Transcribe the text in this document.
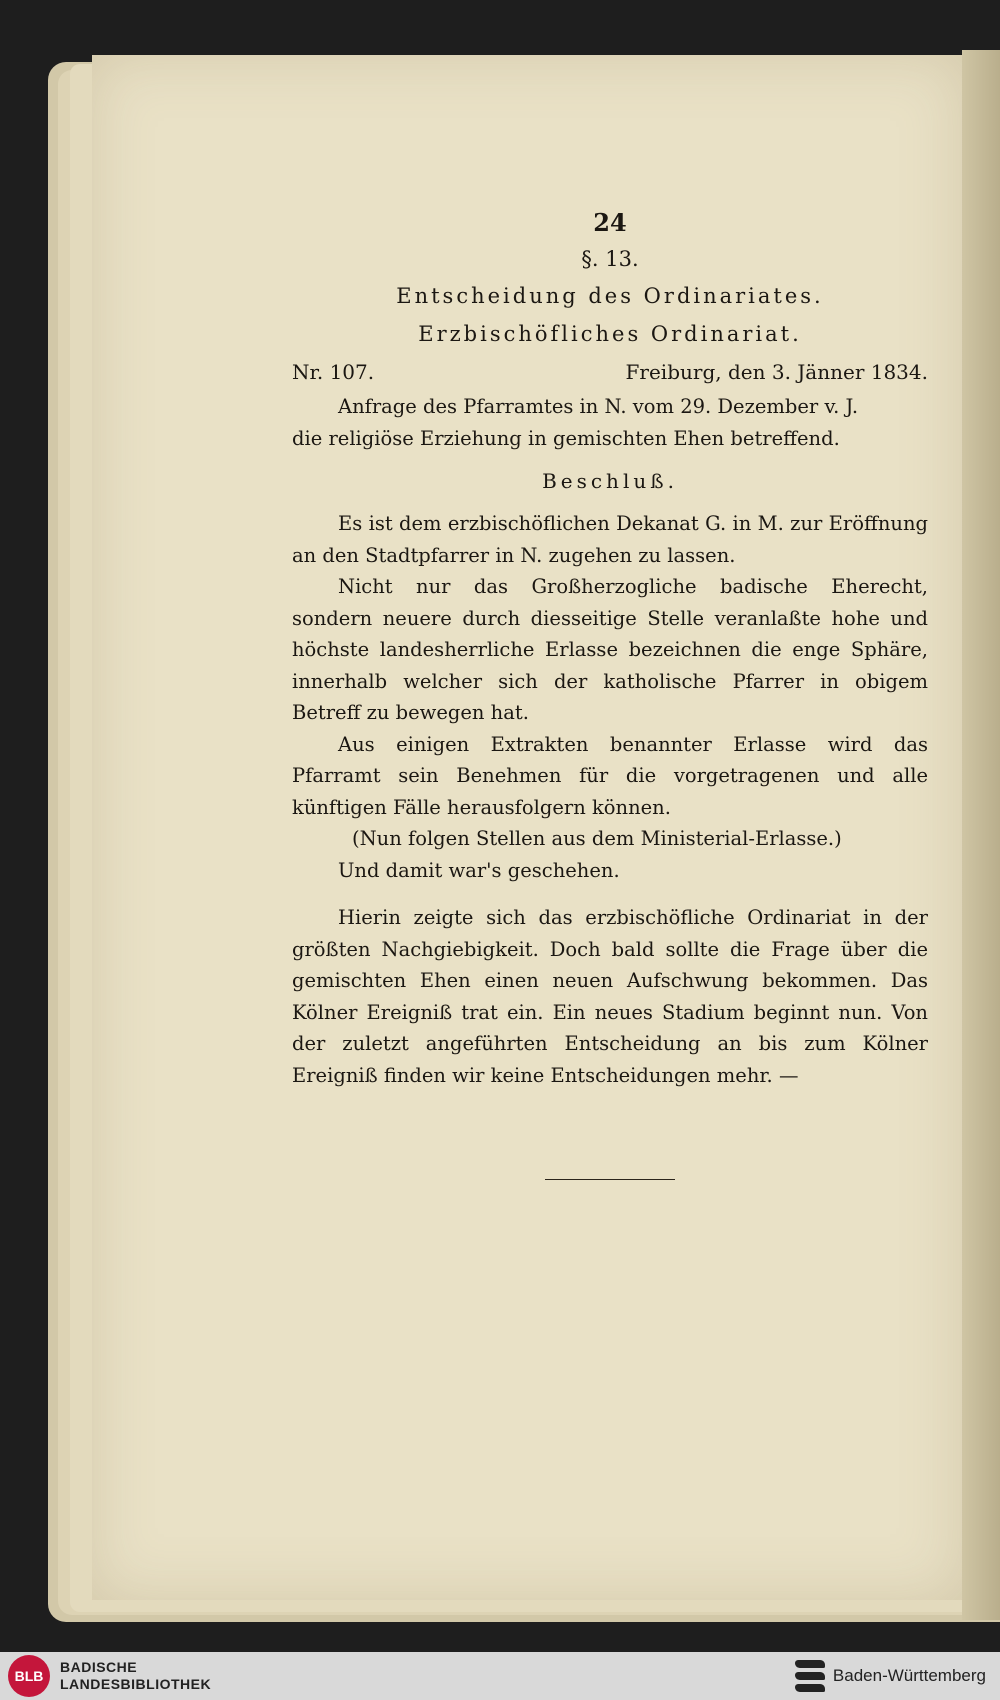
24
§. 13.
Entscheidung des Ordinariates.
Erzbischöfliches Ordinariat.
Nr. 107.	Freiburg, den 3. Jänner 1834.

Anfrage des Pfarramtes in N. vom 29. Dezember v. J.

die religiöse Erziehung in gemischten Ehen betreffend.

Beschluß.

Es ist dem erzbischöflichen Dekanat G. in M. zur Eröffnung an den Stadtpfarrer in N. zugehen zu lassen.

Nicht nur das Großherzogliche badische Eherecht, sondern neuere durch diesseitige Stelle veranlaßte hohe und höchste landesherrliche Erlasse bezeichnen die enge Sphäre, innerhalb welcher sich der katholische Pfarrer in obigem Betreff zu bewegen hat.

Aus einigen Extrakten benannter Erlasse wird das Pfarramt sein Benehmen für die vorgetragenen und alle künftigen Fälle herausfolgern können.

(Nun folgen Stellen aus dem Ministerial-Erlasse.)

Und damit war's geschehen.

Hierin zeigte sich das erzbischöfliche Ordinariat in der größten Nachgiebigkeit. Doch bald sollte die Frage über die gemischten Ehen einen neuen Aufschwung bekommen. Das Kölner Ereigniß trat ein. Ein neues Stadium beginnt nun. Von der zuletzt angeführten Entscheidung an bis zum Kölner Ereigniß finden wir keine Entscheidungen mehr. —

BLB
BADISCHE
LANDESBIBLIOTHEK	Baden-Württemberg
